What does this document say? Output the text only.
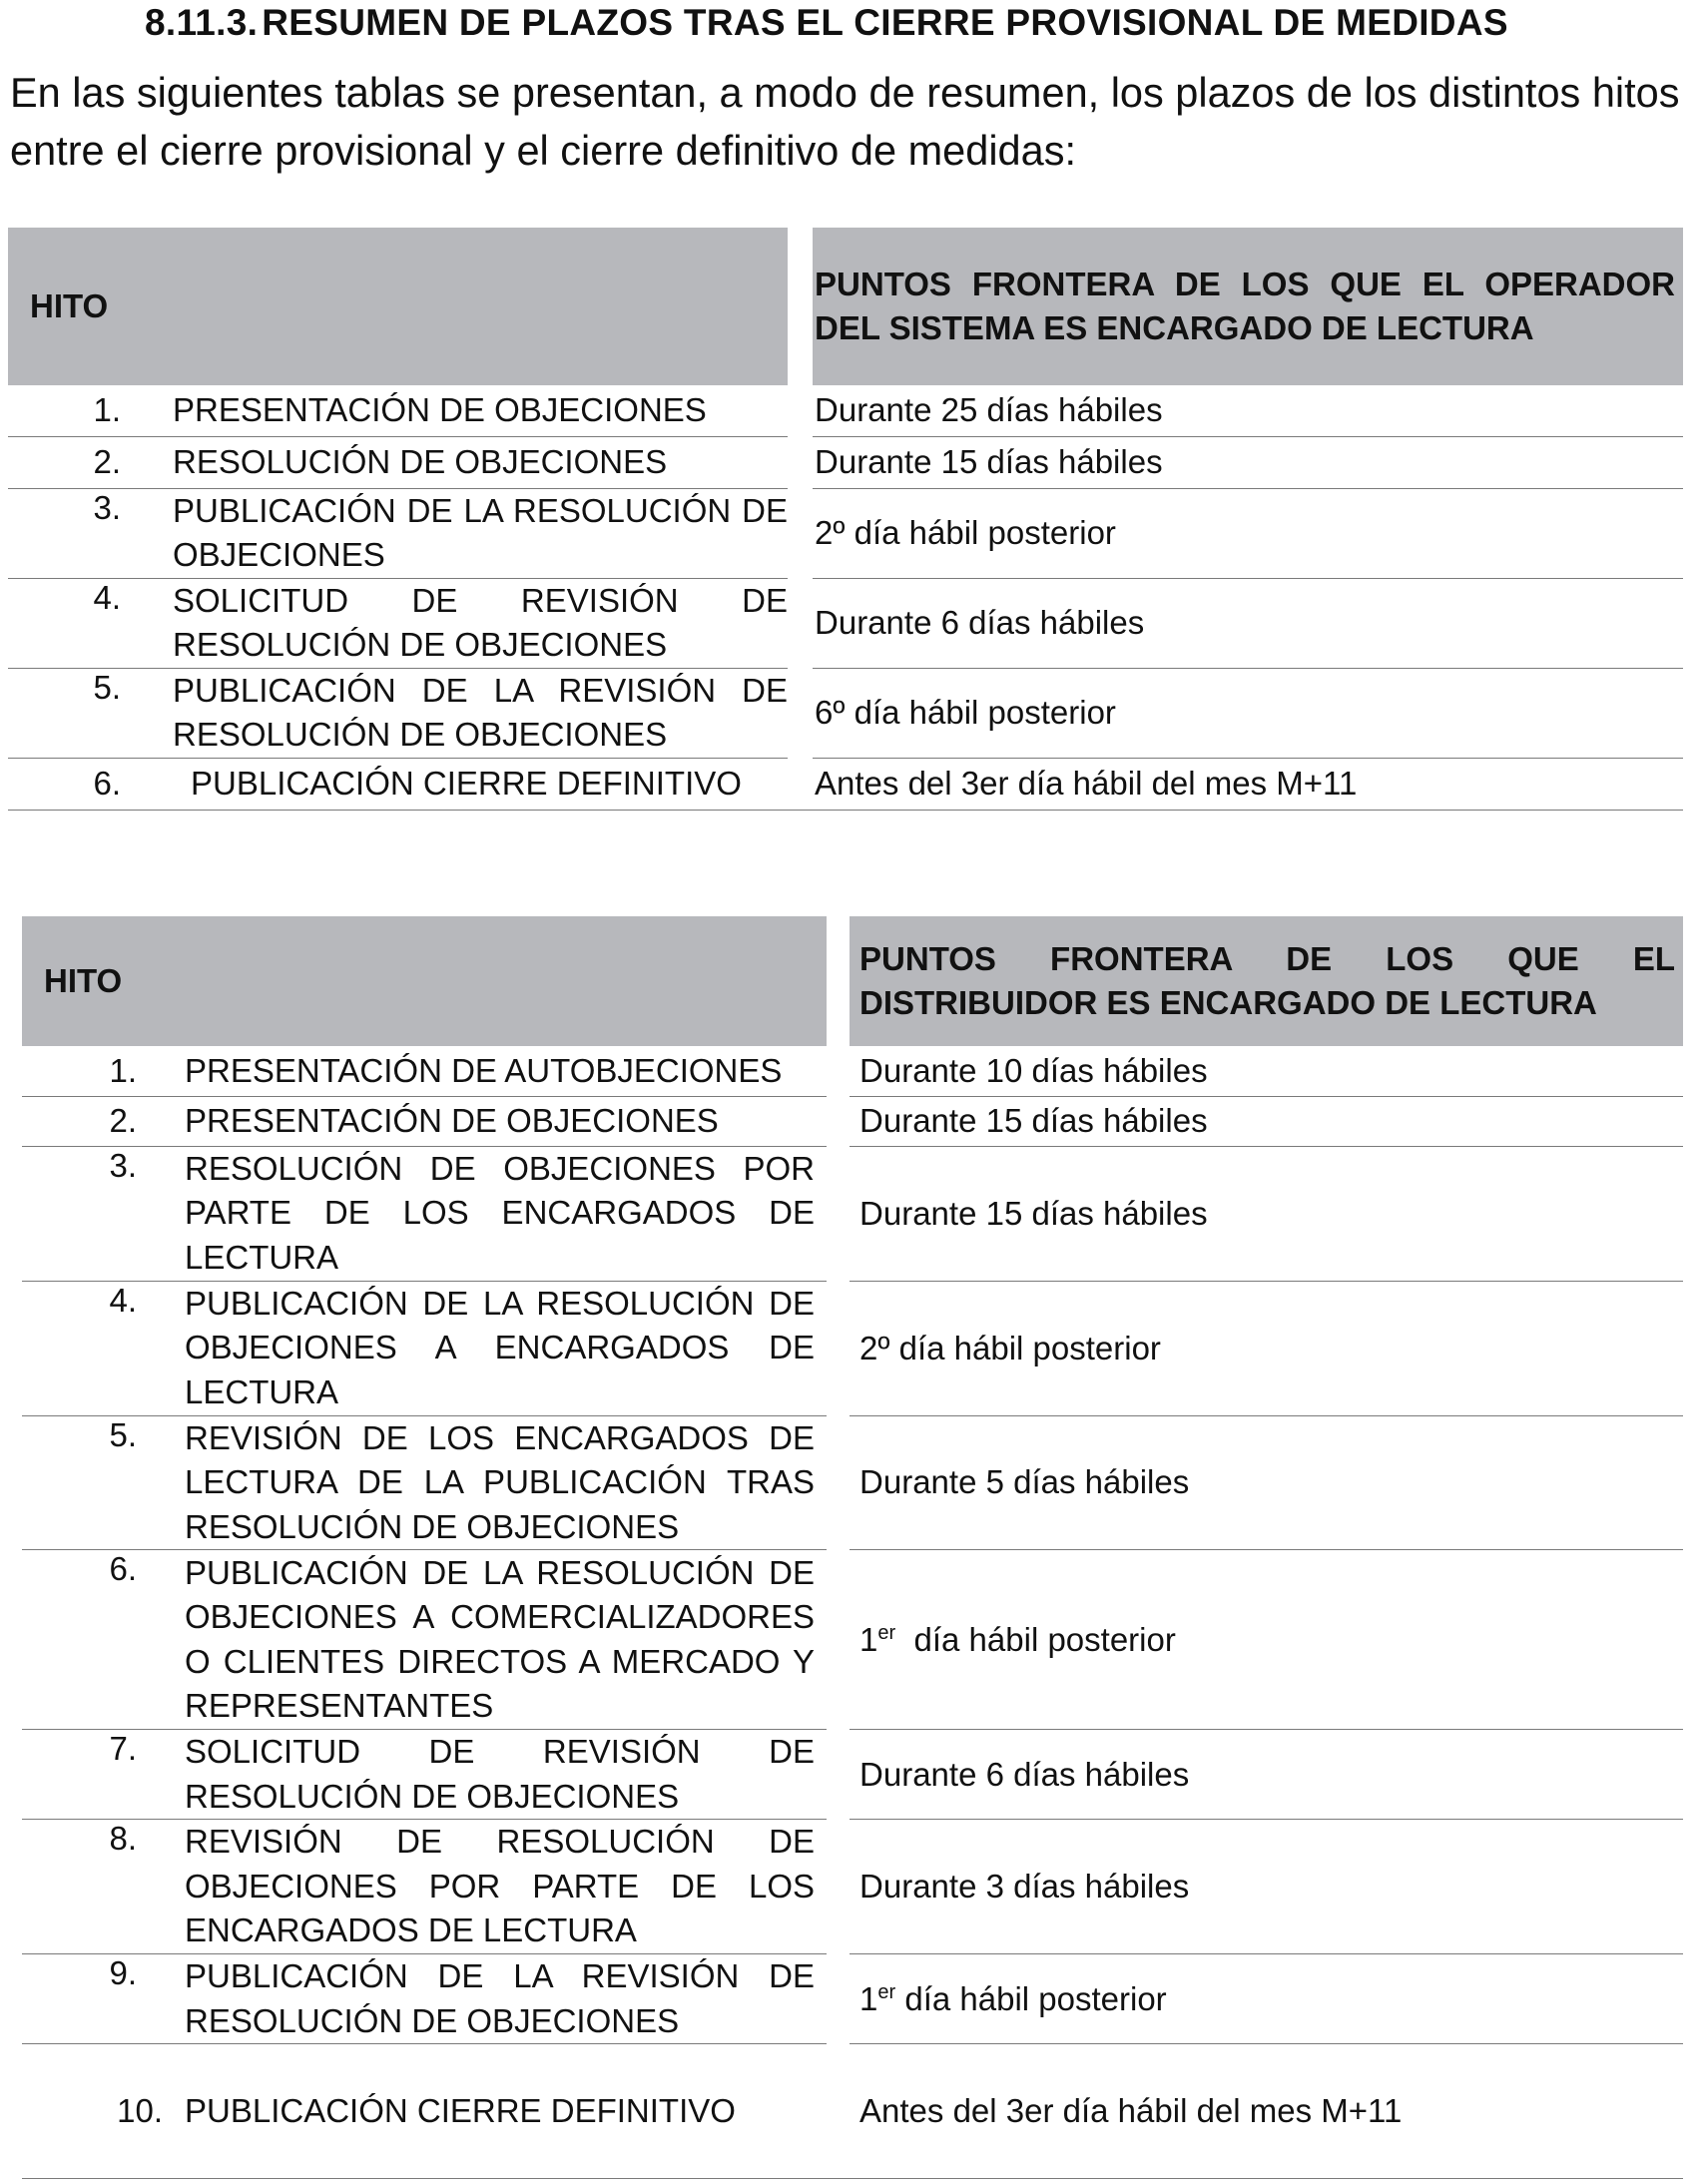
8.11.3. RESUMEN DE PLAZOS TRAS EL CIERRE PROVISIONAL DE MEDIDAS
En las siguientes tablas se presentan, a modo de resumen, los plazos de los distintos hitos entre el cierre provisional y el cierre definitivo de medidas:
HITO			PUNTOS FRONTERA DE LOS QUE EL OPERADOR DEL SISTEMA ES ENCARGADO DE LECTURA
1.	PRESENTACIÓN DE OBJECIONES		Durante 25 días hábiles
2.	RESOLUCIÓN DE OBJECIONES		Durante 15 días hábiles
3.	PUBLICACIÓN DE LA RESOLUCIÓN DE OBJECIONES		2º día hábil posterior
4.	SOLICITUD DE REVISIÓN DE RESOLUCIÓN DE OBJECIONES		Durante 6 días hábiles
5.	PUBLICACIÓN DE LA REVISIÓN DE RESOLUCIÓN DE OBJECIONES		6º día hábil posterior
6.	PUBLICACIÓN CIERRE DEFINITIVO		Antes del 3er día hábil del mes M+11
HITO			PUNTOS FRONTERA DE LOS QUE EL DISTRIBUIDOR ES ENCARGADO DE LECTURA
1.	PRESENTACIÓN DE AUTOBJECIONES		Durante 10 días hábiles
2.	PRESENTACIÓN DE OBJECIONES		Durante 15 días hábiles
3.	RESOLUCIÓN DE OBJECIONES POR PARTE DE LOS ENCARGADOS DE LECTURA		Durante 15 días hábiles
4.	PUBLICACIÓN DE LA RESOLUCIÓN DE OBJECIONES A ENCARGADOS DE LECTURA		2º día hábil posterior
5.	REVISIÓN DE LOS ENCARGADOS DE LECTURA DE LA PUBLICACIÓN TRAS RESOLUCIÓN DE OBJECIONES		Durante 5 días hábiles
6.	PUBLICACIÓN DE LA RESOLUCIÓN DE OBJECIONES A COMERCIALIZADORES O CLIENTES DIRECTOS A MERCADO Y REPRESENTANTES		1er día hábil posterior
7.	SOLICITUD DE REVISIÓN DE RESOLUCIÓN DE OBJECIONES		Durante 6 días hábiles
8.	REVISIÓN DE RESOLUCIÓN DE OBJECIONES POR PARTE DE LOS ENCARGADOS DE LECTURA		Durante 3 días hábiles
9.	PUBLICACIÓN DE LA REVISIÓN DE RESOLUCIÓN DE OBJECIONES		1er día hábil posterior
10.	PUBLICACIÓN CIERRE DEFINITIVO		Antes del 3er día hábil del mes M+11
